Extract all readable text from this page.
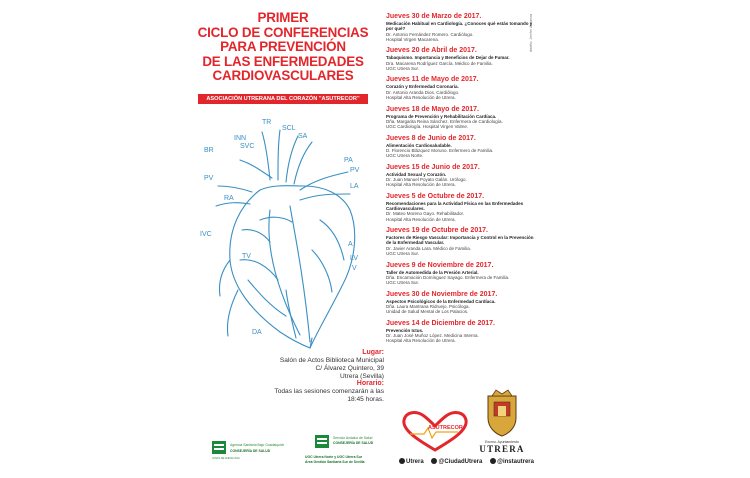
PRIMER
CICLO DE CONFERENCIAS
PARA PREVENCIÓN
DE LAS ENFERMEDADES
CARDIOVASCULARES
ASOCIACIÓN UTRERANA DEL CORAZÓN "ASUTRECOR"
TR
SCL
SA
INN
SVC
PA
BR
PV
PV
LA
RA
IVC
TV	LV
A
V
DA
diseño: Jenifer Almanza
Jueves 30 de Marzo de 2017.
Medicación Habitual en Cardiología. ¿Conoces qué estás tomando y por qué?
Dr. Antonio Fernández Romero. Cardiólogo.
Hospital Virgen Macarena.
Jueves 20 de Abril de 2017.
Tabaquismo. Importancia y Beneficios de Dejar de Fumar.
Dra. Macarena Rodríguez García. Médico de Familia.
UGC Utrera Sur.
Jueves 11 de Mayo de 2017.
Corazón y Enfermedad Coronaria.
Dr. Antonio Aranda Dios. Cardiólogo.
Hospital Alta Resolución de Utrera.
Jueves 18 de Mayo de 2017.
Programa de Prevención y Rehabilitación Cardíaca.
Dña. Margarita Reina Sánchez. Enfermera de Cardiología.
UGC Cardiología. Hospital Virgen Valme.
Jueves 8 de Junio de 2017.
Alimentación Cardiosaludable.
D. Florencio Blázquez Moruno. Enfermero de Familia.
UGC Utrera Norte.
Jueves 15 de Junio de 2017.
Actividad Sexual y Corazón.
Dr. Juan Manuel Poyato Galán. Urólogo.
Hospital Alta Resolución de Utrera.
Jueves 5 de Octubre de 2017.
Recomendaciones para la Actividad Física en las Enfermedades Cardiovasculares.
Dr. Mateo Moreno Gayo. Rehabilitador.
Hospital Alta Resolución de Utrera.
Jueves 19 de Octubre de 2017.
Factores de Riesgo Vascular: Importancia y Control en la Prevención de la Enfermedad Vascular.
Dr. Javier Aranda Lara. Médico de Familia.
UGC Utrera Sur.
Jueves 9 de Noviembre de 2017.
Taller de Automedida de la Presión Arterial.
Dña. Encarnación Domínguez Sayago. Enfermera de Familia.
UGC Utrera Sur.
Jueves 30 de Noviembre de 2017.
Aspectos Psicológicos de la Enfermedad Cardíaca.
Dña. Laura Mantrana Ridruejo. Psicóloga.
Unidad de Salud Mental de Los Palacios.
Jueves 14 de Diciembre de 2017.
Prevención Ictus.
Dr. Juan José Muñoz López. Medicina Interna.
Hospital Alta Resolución de Utrera.
Lugar:
Salón de Actos Biblioteca Municipal
C/ Álvarez Quintero, 39
Utrera (Sevilla)
Horario:
Todas las sesiones comenzarán a las
18:45 horas.
JUNTA DE ANDALUCIA
Agencia Sanitaria Bajo Guadalquivir
CONSEJERÍA DE SALUD
Servicio Andaluz de Salud
CONSEJERÍA DE SALUD
UGC Utrera Norte y UGC Utrera Sur
Área Gestión Sanitaria Sur de Sevilla
ASUTRECOR
Excmo. Ayuntamiento
UTRERA
Utrera	@CiudadUtrera	@instautrera
